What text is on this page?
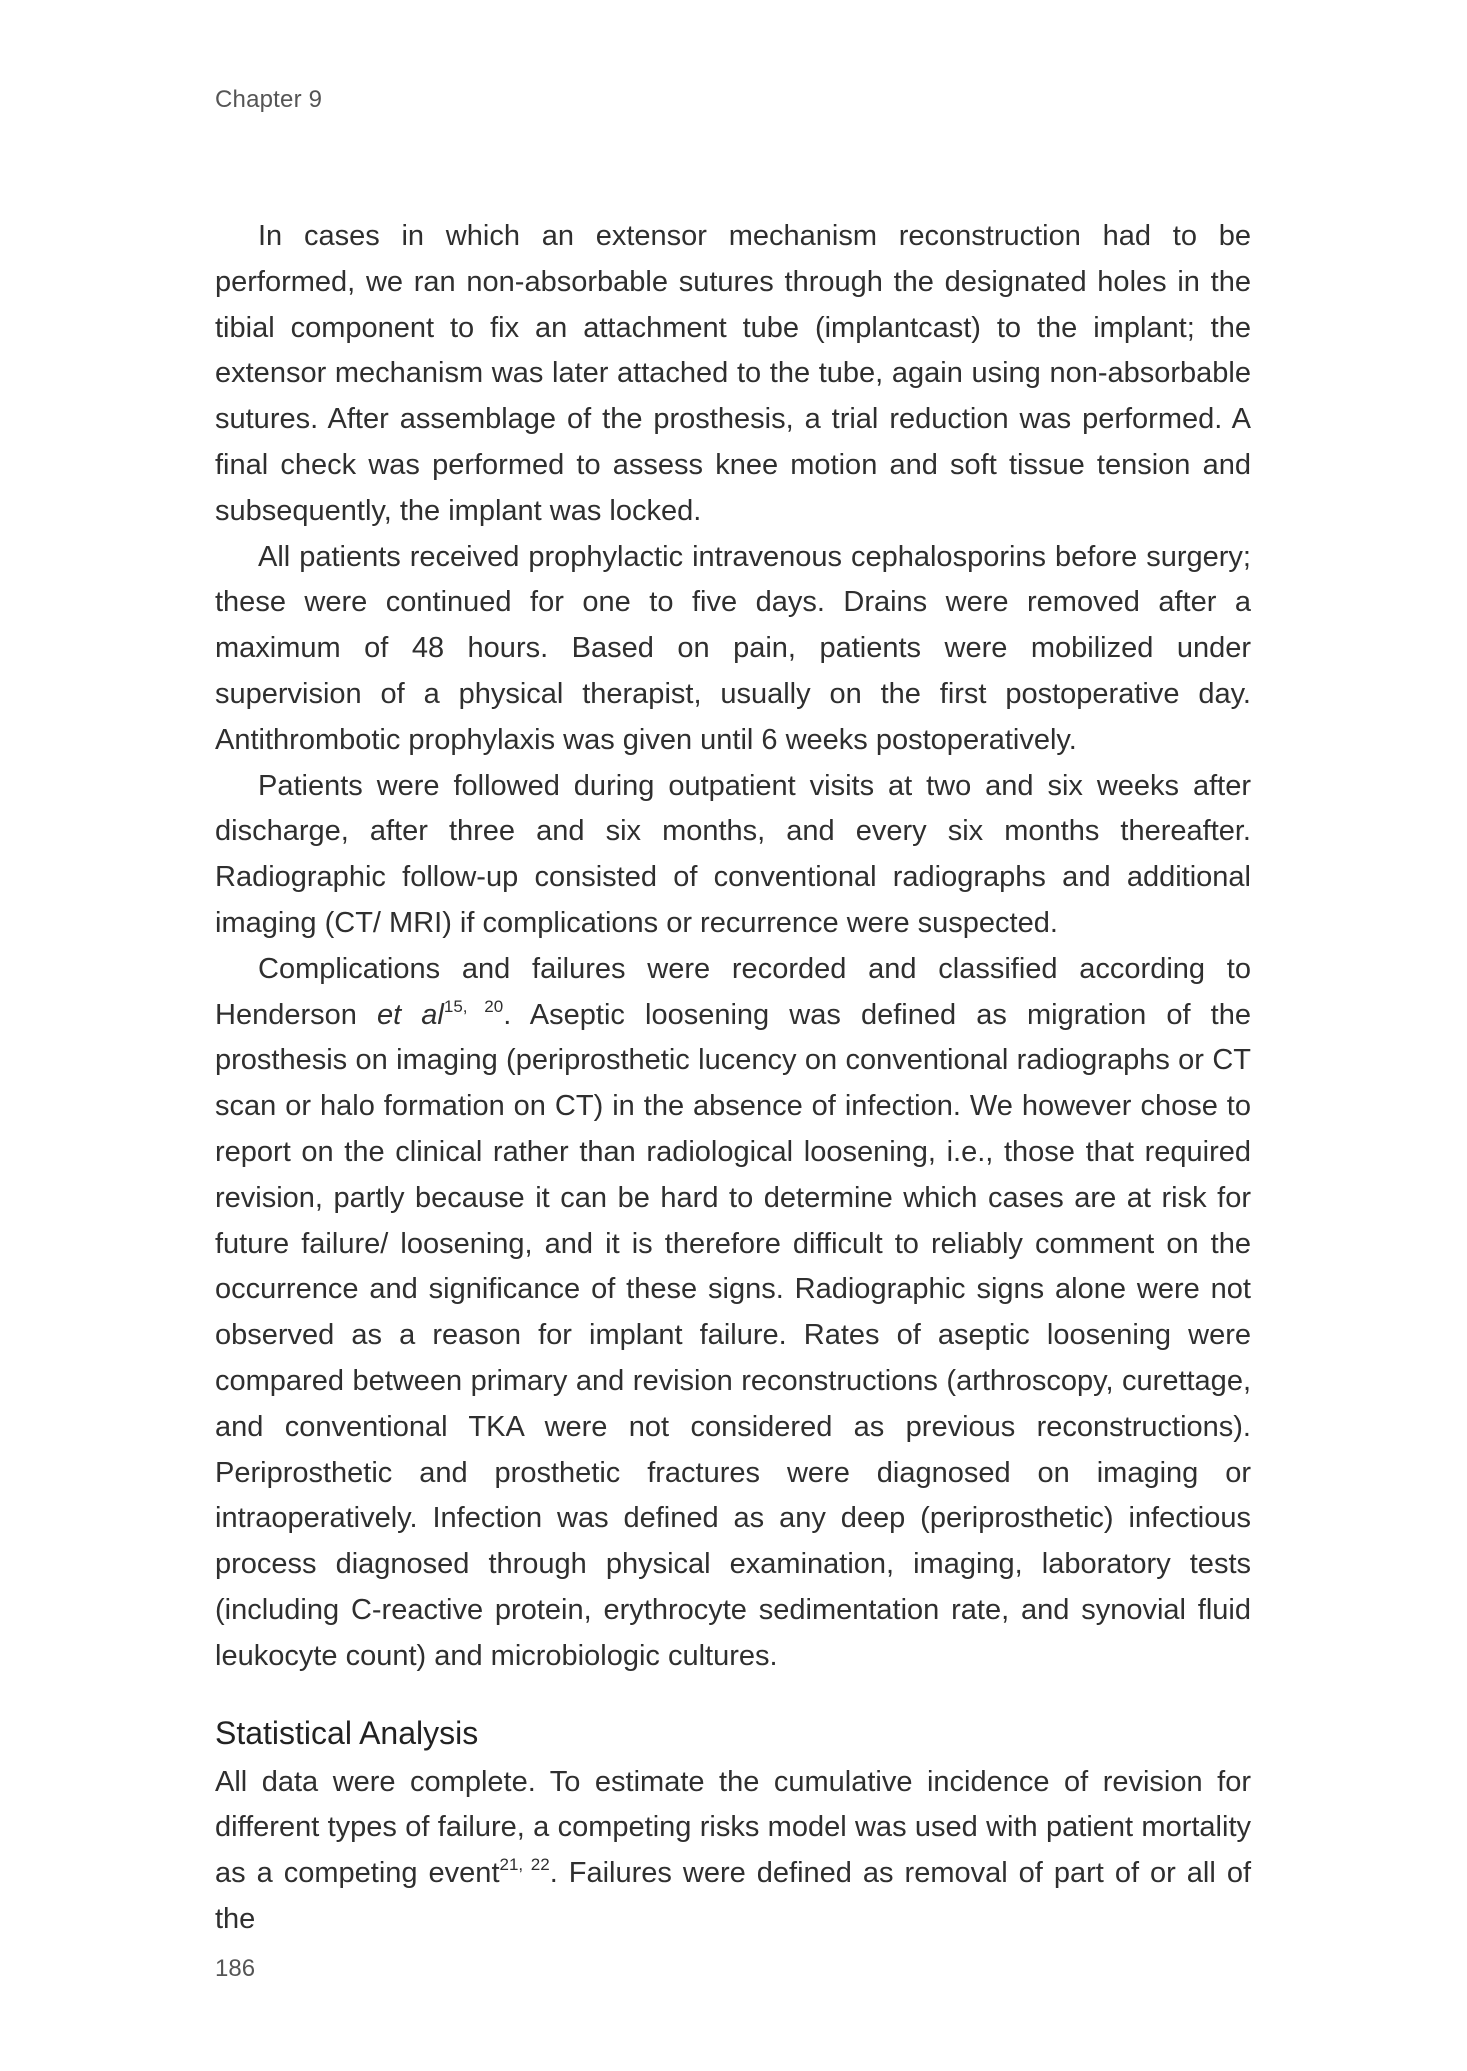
Chapter 9

In cases in which an extensor mechanism reconstruction had to be performed, we ran non-absorbable sutures through the designated holes in the tibial component to fix an attachment tube (implantcast) to the implant; the extensor mechanism was later attached to the tube, again using non-absorbable sutures. After assemblage of the prosthesis, a trial reduction was performed. A final check was performed to assess knee motion and soft tissue tension and subsequently, the implant was locked.

All patients received prophylactic intravenous cephalosporins before surgery; these were continued for one to five days. Drains were removed after a maximum of 48 hours. Based on pain, patients were mobilized under supervision of a physical therapist, usually on the first postoperative day. Antithrombotic prophylaxis was given until 6 weeks postoperatively.

Patients were followed during outpatient visits at two and six weeks after discharge, after three and six months, and every six months thereafter. Radiographic follow-up consisted of conventional radiographs and additional imaging (CT/ MRI) if complications or recurrence were suspected.

Complications and failures were recorded and classified according to Henderson et al$^{15, 20}$. Aseptic loosening was defined as migration of the prosthesis on imaging (periprosthetic lucency on conventional radiographs or CT scan or halo formation on CT) in the absence of infection. We however chose to report on the clinical rather than radiological loosening, i.e., those that required revision, partly because it can be hard to determine which cases are at risk for future failure/ loosening, and it is therefore difficult to reliably comment on the occurrence and significance of these signs. Radiographic signs alone were not observed as a reason for implant failure. Rates of aseptic loosening were compared between primary and revision reconstructions (arthroscopy, curettage, and conventional TKA were not considered as previous reconstructions). Periprosthetic and prosthetic fractures were diagnosed on imaging or intraoperatively. Infection was defined as any deep (periprosthetic) infectious process diagnosed through physical examination, imaging, laboratory tests (including C-reactive protein, erythrocyte sedimentation rate, and synovial fluid leukocyte count) and microbiologic cultures.

Statistical Analysis

All data were complete. To estimate the cumulative incidence of revision for different types of failure, a competing risks model was used with patient mortality as a competing event$^{21, 22}$. Failures were defined as removal of part of or all of the

186
